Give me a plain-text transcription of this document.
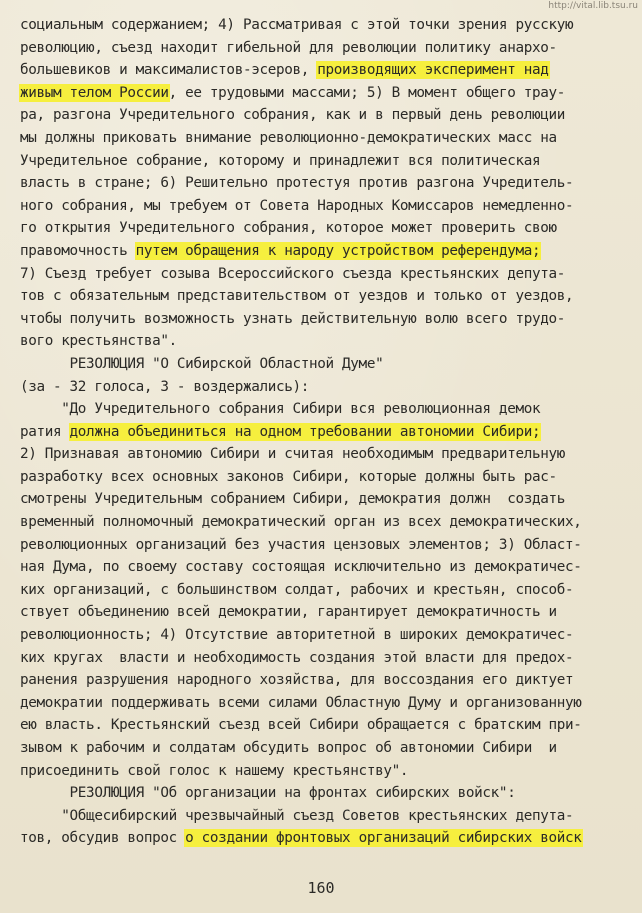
http://vital.lib.tsu.ru
социальным содержанием; 4) Рассматривая с этой точки зрения русскую
революцию, съезд находит гибельной для революции политику анархо-
большевиков и максималистов-эсеров, производящих эксперимент над
живым телом России, ее трудовыми массами; 5) В момент общего трау-
ра, разгона Учредительного собрания, как и в первый день революции
мы должны приковать внимание революционно-демократических масс на
Учредительное собрание, которому и принадлежит вся политическая
власть в стране; 6) Решительно протестуя против разгона Учредитель-
ного собрания, мы требуем от Совета Народных Комиссаров немедленно-
го открытия Учредительного собрания, которое может проверить свою
правомочность путем обращения к народу устройством референдума;
7) Съезд требует созыва Всероссийского съезда крестьянских депута-
тов с обязательным представительством от уездов и только от уездов,
чтобы получить возможность узнать действительную волю всего трудо-
вого крестьянства".
РЕЗОЛЮЦИЯ "О Сибирской Областной Думе"
(за - 32 голоса, 3 - воздержались):
"До Учредительного собрания Сибири вся революционная демок
ратия должна объединиться на одном требовании автономии Сибири;
2) Признавая автономию Сибири и считая необходимым предварительную
разработку всех основных законов Сибири, которые должны быть рас-
смотрены Учредительным собранием Сибири, демократия должн  создать
временный полномочный демократический орган из всех демократических,
революционных организаций без участия цензовых элементов; 3) Област-
ная Дума, по своему составу состоящая исключительно из демократичес-
ких организаций, с большинством солдат, рабочих и крестьян, способ-
ствует объединению всей демократии, гарантирует демократичность и
революционность; 4) Отсутствие авторитетной в широких демократичес-
ких кругах  власти и необходимость создания этой власти для предох-
ранения разрушения народного хозяйства, для воссоздания его диктует
демократии поддерживать всеми силами Областную Думу и организованную
ею власть. Крестьянский съезд всей Сибири обращается с братским при-
зывом к рабочим и солдатам обсудить вопрос об автономии Сибири  и
присоединить свой голос к нашему крестьянству".
РЕЗОЛЮЦИЯ "Об организации на фронтах сибирских войск":
"Общесибирский чрезвычайный съезд Советов крестьянских депута-
тов, обсудив вопрос о создании фронтовых организаций сибирских войск
160
